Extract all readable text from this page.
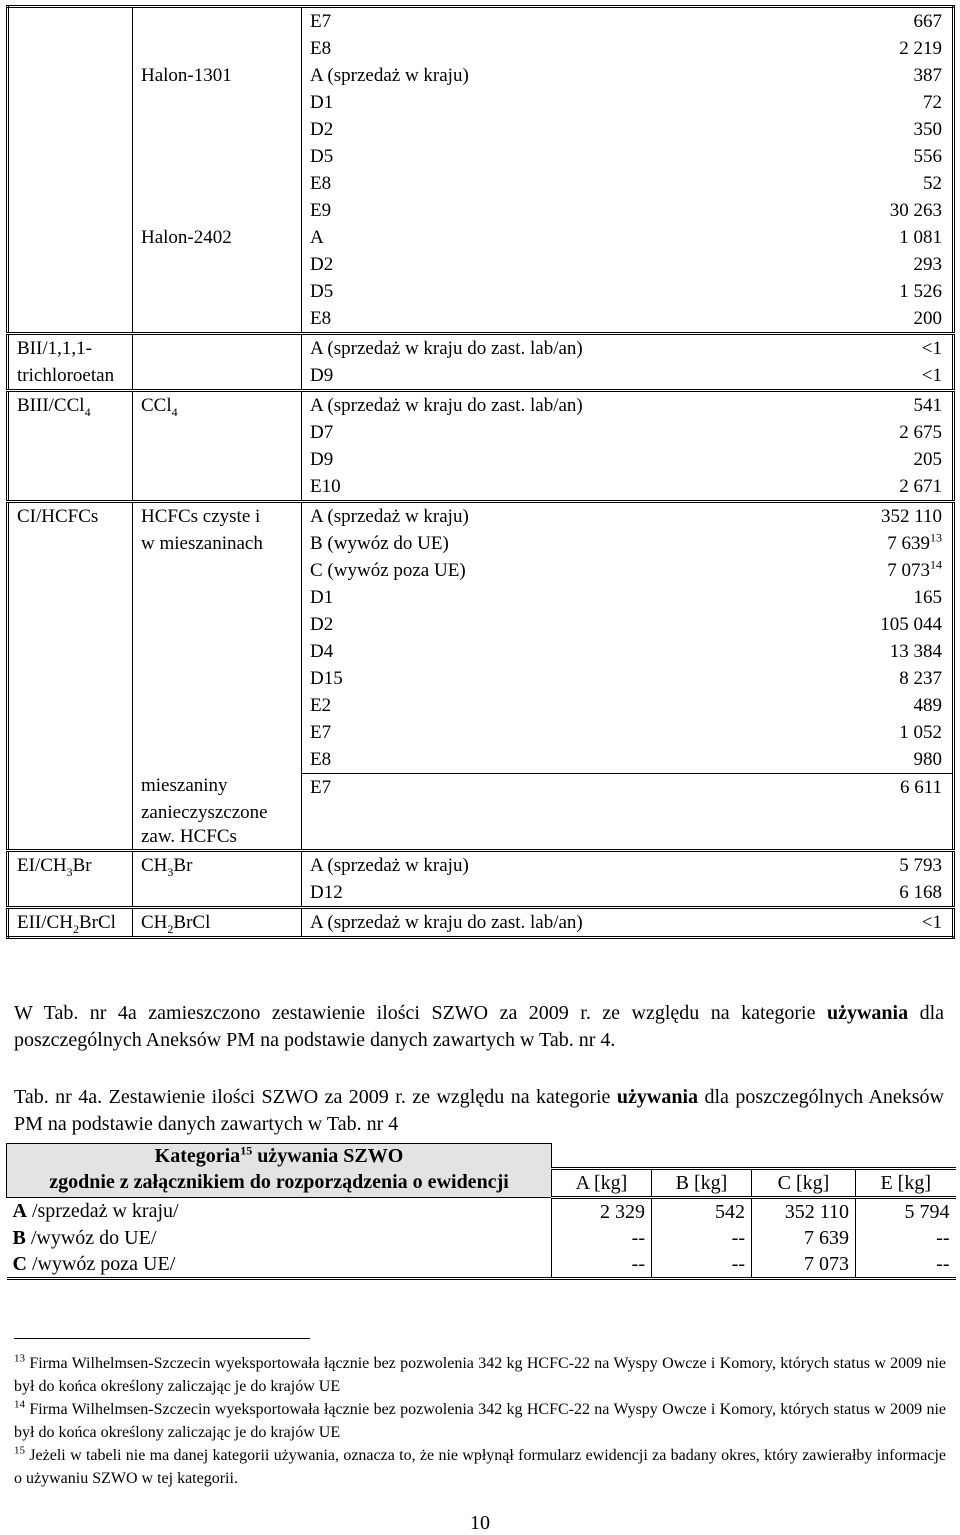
		E7	667
		E8	2 219
	Halon-1301	A (sprzedaż w kraju)	387
		D1	72
		D2	350
		D5	556
		E8	52
		E9	30 263
	Halon-2402	A	1 081
		D2	293
		D5	1 526
		E8	200
BII/1,1,1-		A (sprzedaż w kraju do zast. lab/an)	<1
trichloroetan		D9	<1
BIII/CCl$_4$	CCl$_4$	A (sprzedaż w kraju do zast. lab/an)	541
		D7	2 675
		D9	205
		E10	2 671
CI/HCFCs	HCFCs czyste i	A (sprzedaż w kraju)	352 110
	w mieszaninach	B (wywóz do UE)	7 $639^{13}$
		C (wywóz poza UE)	7 $073^{14}$
		D1	165
		D2	105 044
		D4	13 384
		D15	8 237
		E2	489
		E7	1 052
		E8	980
	mieszaniny	E7	6 611
	zanieczyszczone		
	zaw. HCFCs		
$EI/CH_3Br$	$CH_3Br$	A (sprzedaż w kraju)	5 793
		D12	6 168
EII/$CH_2BrCl$	$CH_2BrCl$	A (sprzedaż w kraju do zast. lab/an)	<1
W Tab. nr 4a zamieszczono zestawienie ilości SZWO za 2009 r. ze względu na kategorie używania dla poszczególnych Aneksów PM na podstawie danych zawartych w Tab. nr 4.
Tab. nr 4a. Zestawienie ilości SZWO za 2009 r. ze względu na kategorie używania dla poszczególnych Aneksów PM na podstawie danych zawartych w Tab. nr 4
Kategoria$^{15}$ używania SZWO				
zgodnie z załącznikiem do rozporządzenia o ewidencji	A [kg]	B [kg]	C [kg]	E [kg]
A /sprzedaż w kraju/	2 329	542	352 110	5 794
B /wywóz do UE/	--	--	7 639	--
C /wywóz poza UE/	--	--	7 073	--
$^{13}$ Firma Wilhelmsen-Szczecin wyeksportowała łącznie bez pozwolenia 342 kg HCFC-22 na Wyspy Owcze i Komory, których status w 2009 nie był do końca określony zaliczając je do krajów UE
$^{14}$ Firma Wilhelmsen-Szczecin wyeksportowała łącznie bez pozwolenia 342 kg HCFC-22 na Wyspy Owcze i Komory, których status w 2009 nie był do końca określony zaliczając je do krajów UE
$^{15}$ Jeżeli w tabeli nie ma danej kategorii używania, oznacza to, że nie wpłynął formularz ewidencji za badany okres, który zawierałby informacje o używaniu SZWO w tej kategorii.
10
